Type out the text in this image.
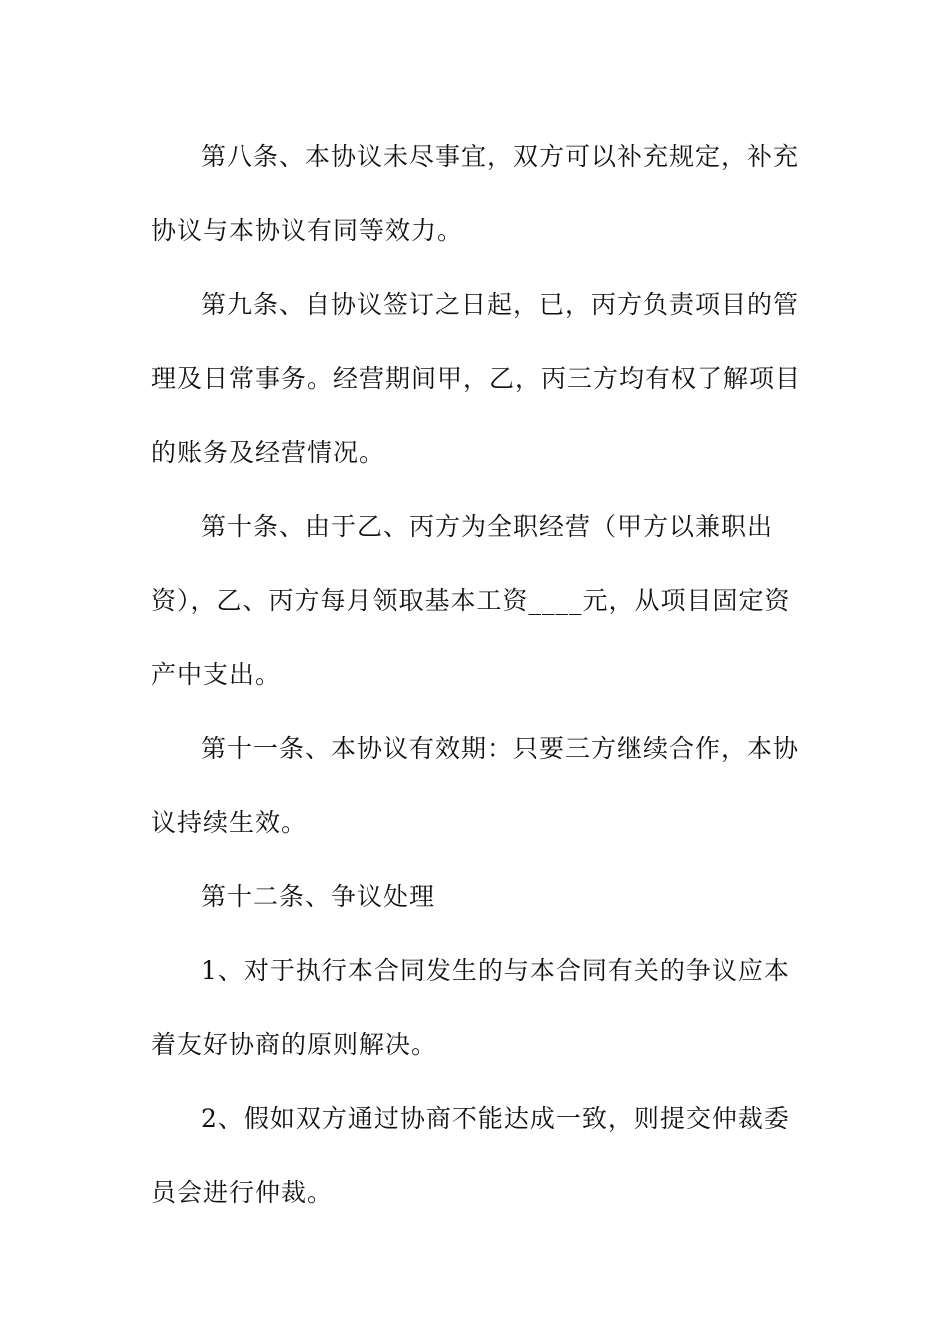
第八条、本协议未尽事宜，双方可以补充规定，补充协议与本协议有同等效力。

第九条、自协议签订之日起，已，丙方负责项目的管理及日常事务。经营期间甲，乙，丙三方均有权了解项目的账务及经营情况。

第十条、由于乙、丙方为全职经营（甲方以兼职出资），乙、丙方每月领取基本工资____元，从项目固定资产中支出。

第十一条、本协议有效期：只要三方继续合作，本协议持续生效。

第十二条、争议处理

1、对于执行本合同发生的与本合同有关的争议应本着友好协商的原则解决。

2、假如双方通过协商不能达成一致，则提交仲裁委员会进行仲裁。
